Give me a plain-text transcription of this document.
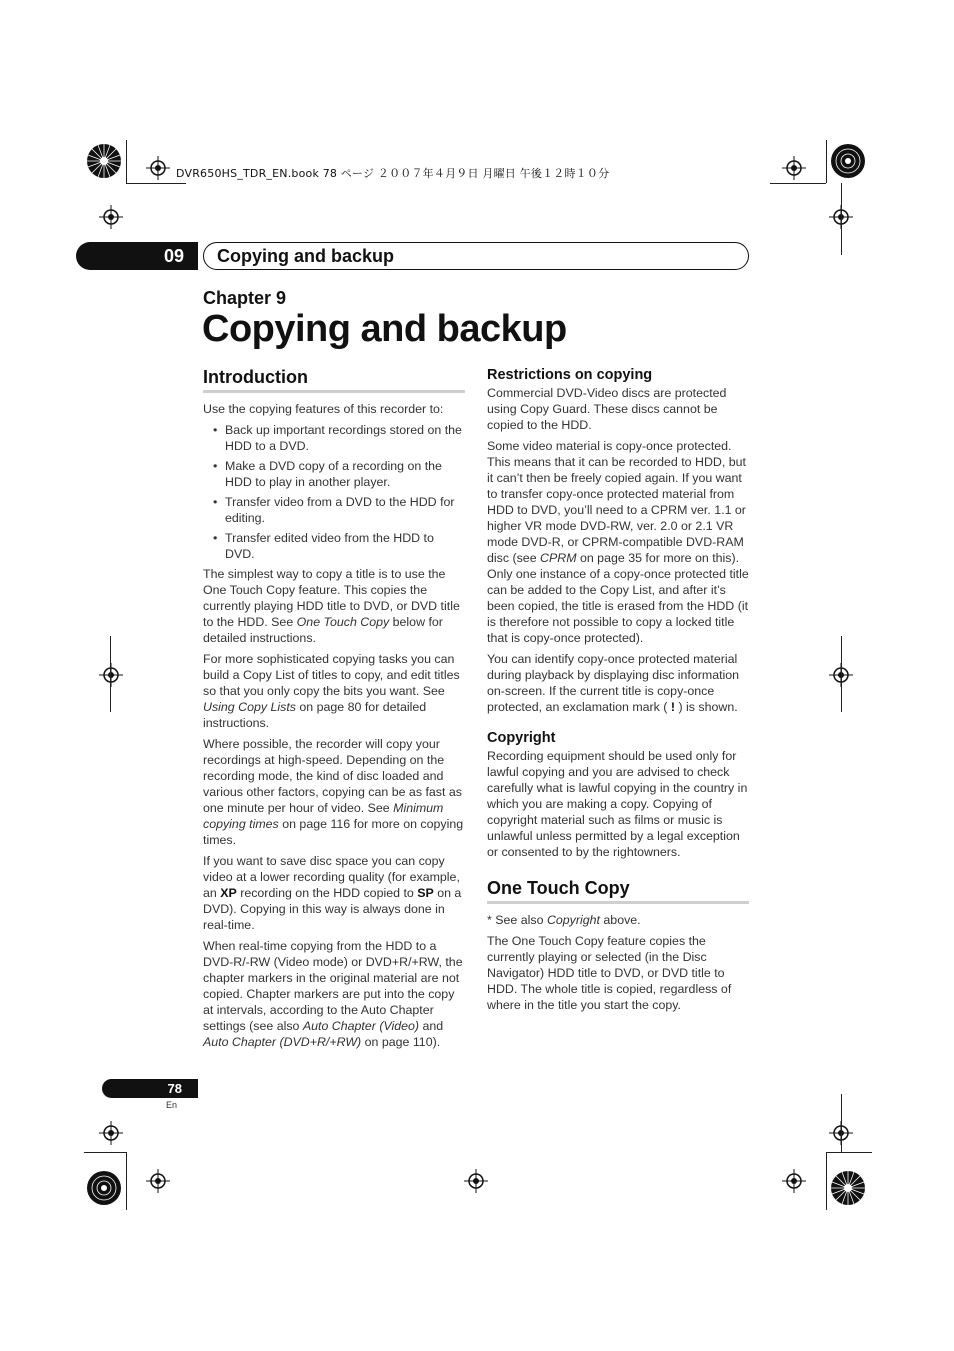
DVR650HS_TDR_EN.book 78 ページ ２００７年４月９日 月曜日 午後１２時１０分
09	Copying and backup
Chapter 9
Copying and backup
Introduction

Use the copying features of this recorder to:

• Back up important recordings stored on the HDD to a DVD.
• Make a DVD copy of a recording on the HDD to play in another player.
• Transfer video from a DVD to the HDD for editing.
• Transfer edited video from the HDD to DVD.

The simplest way to copy a title is to use the One Touch Copy feature. This copies the currently playing HDD title to DVD, or DVD title to the HDD. See One Touch Copy below for detailed instructions.

For more sophisticated copying tasks you can build a Copy List of titles to copy, and edit titles so that you only copy the bits you want. See Using Copy Lists on page 80 for detailed instructions.

Where possible, the recorder will copy your recordings at high-speed. Depending on the recording mode, the kind of disc loaded and various other factors, copying can be as fast as one minute per hour of video. See Minimum copying times on page 116 for more on copying times.

If you want to save disc space you can copy video at a lower recording quality (for example, an XP recording on the HDD copied to SP on a DVD). Copying in this way is always done in real-time.

When real-time copying from the HDD to a DVD-R/-RW (Video mode) or DVD+R/+RW, the chapter markers in the original material are not copied. Chapter markers are put into the copy at intervals, according to the Auto Chapter settings (see also Auto Chapter (Video) and Auto Chapter (DVD+R/+RW) on page 110).

Restrictions on copying

Commercial DVD-Video discs are protected using Copy Guard. These discs cannot be copied to the HDD.

Some video material is copy-once protected. This means that it can be recorded to HDD, but it can’t then be freely copied again. If you want to transfer copy-once protected material from HDD to DVD, you’ll need to a CPRM ver. 1.1 or higher VR mode DVD-RW, ver. 2.0 or 2.1 VR mode DVD-R, or CPRM-compatible DVD-RAM disc (see CPRM on page 35 for more on this). Only one instance of a copy-once protected title can be added to the Copy List, and after it’s been copied, the title is erased from the HDD (it is therefore not possible to copy a locked title that is copy-once protected).

You can identify copy-once protected material during playback by displaying disc information on-screen. If the current title is copy-once protected, an exclamation mark ( ! ) is shown.

Copyright

Recording equipment should be used only for lawful copying and you are advised to check carefully what is lawful copying in the country in which you are making a copy. Copying of copyright material such as films or music is unlawful unless permitted by a legal exception or consented to by the rightowners.

One Touch Copy

* See also Copyright above.

The One Touch Copy feature copies the currently playing or selected (in the Disc Navigator) HDD title to DVD, or DVD title to HDD. The whole title is copied, regardless of where in the title you start the copy.

78
En
